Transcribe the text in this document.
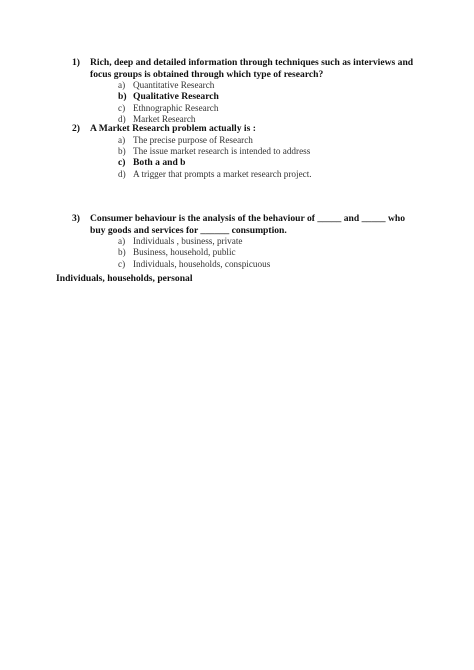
1)	Rich, deep and detailed information through techniques such as interviews and focus groups is obtained through which type of research?
a) Quantitative Research
b) Qualitative Research
c) Ethnographic Research
d) Market Research
2)	A Market Research problem actually is :
a) The precise purpose of Research
b) The issue market research is intended to address
c) Both a and b
d) A trigger that prompts a market research project.
3)	Consumer behaviour is the analysis of the behaviour of _____ and _____ who buy goods and services for ______ consumption.
a) Individuals , business, private
b) Business, household, public
c) Individuals, households, conspicuous
Individuals, households, personal
